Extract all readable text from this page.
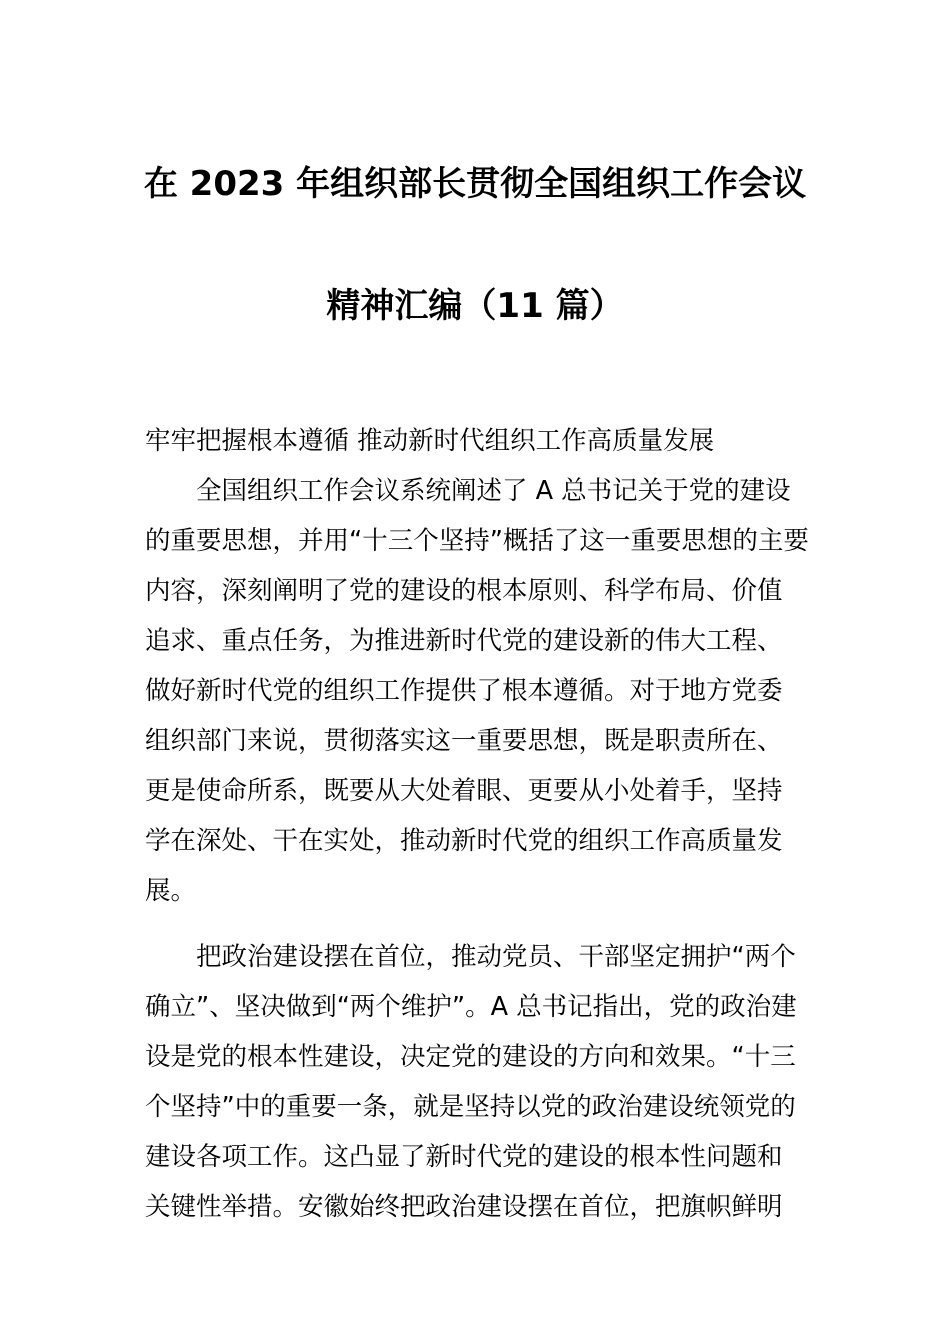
在 2023 年组织部长贯彻全国组织工作会议
精神汇编（11 篇）
牢牢把握根本遵循 推动新时代组织工作高质量发展
全国组织工作会议系统阐述了 A 总书记关于党的建设
的重要思想，并用“十三个坚持”概括了这一重要思想的主要
内容，深刻阐明了党的建设的根本原则、科学布局、价值
追求、重点任务，为推进新时代党的建设新的伟大工程、
做好新时代党的组织工作提供了根本遵循。对于地方党委
组织部门来说，贯彻落实这一重要思想，既是职责所在、
更是使命所系，既要从大处着眼、更要从小处着手，坚持
学在深处、干在实处，推动新时代党的组织工作高质量发
展。
把政治建设摆在首位，推动党员、干部坚定拥护“两个
确立”、坚决做到“两个维护”。A 总书记指出，党的政治建
设是党的根本性建设，决定党的建设的方向和效果。“十三
个坚持”中的重要一条，就是坚持以党的政治建设统领党的
建设各项工作。这凸显了新时代党的建设的根本性问题和
关键性举措。安徽始终把政治建设摆在首位，把旗帜鲜明
